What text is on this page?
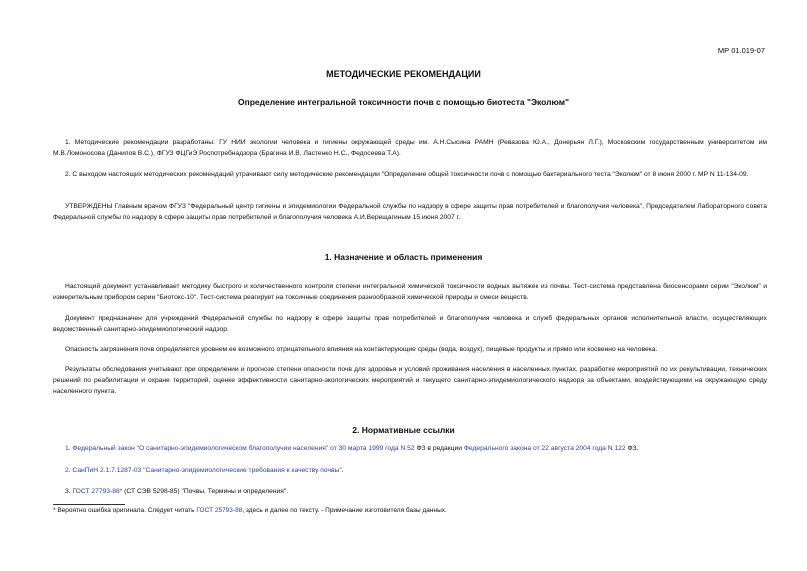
МР 01.019-07
МЕТОДИЧЕСКИЕ РЕКОМЕНДАЦИИ
Определение интегральной токсичности почв с помощью биотеста "Эколюм"
1. Методические рекомендации разработаны: ГУ НИИ экологии человека и гигиены окружающей среды им. А.Н.Сысина РАМН (Ревазова Ю.А., Донерьян Л.Г.), Московским государственным университетом им М.В.Ломоносова (Данилов В.С.), ФГУЗ ФЦГиЭ Роспотребнадзора (Брагина И.В, Ластенко Н.С., Федосеева Т.А).
2. С выходом настоящих методических рекомендаций утрачивают силу методические рекомендации "Определение общей токсичности почв с помощью бактериального теста "Эколюм" от 8 июня 2000 г. МР N 11-134-09.
УТВЕРЖДЕНЫ Главным врачом ФГУЗ "Федеральный центр гигиены и эпидемиологии Федеральной службы по надзору в сфере защиты прав потребителей и благополучия человека", Председателем Лабораторного совета Федеральной службы по надзору в сфере защиты прав потребителей и благополучия человека А.И.Верещагиным 15 июня 2007 г.
1. Назначение и область применения
Настоящий документ устанавливает методику быстрого и количественного контроля степени интегральной химической токсичности водных вытяжек из почвы. Тест-система представлена биосенсорами серии "Эколюм" и измерительным прибором серии "Биотокс-10". Тест-система реагирует на токсичные соединения разнообразной химической природы и смеси веществ.
Документ предназначен для учреждений Федеральной службы по надзору в сфере защиты прав потребителей и благополучия человека и служб федеральных органов исполнительной власти, осуществляющих ведомственный санитарно-эпидемиологический надзор.
Опасность загрязнения почв определяется уровнем ее возможного отрицательного влияния на контактирующие среды (вода, воздух), пищевые продукты и прямо или косвенно на человека.
Результаты обследования учитывают при определении и прогнозе степени опасности почв для здоровья и условий проживания населения в населенных пунктах, разработке мероприятий по их рекультивации, технических решений по реабилитации и охране территорий, оценке эффективности санитарно-экологических мероприятий и текущего санитарно-эпидемиологического надзора за объектами, воздействующими на окружающую среду населенного пункта.
2. Нормативные ссылки
1. Федеральный закон "О санитарно-эпидемиологическом благополучии населения" от 30 марта 1999 года N 52 ФЗ в редакции Федерального закона от 22 августа 2004 года N 122 ФЗ.
2. СанПиН 2.1.7.1287-03 "Санитарно-эпидемиологические требования к качеству почвы".
3. ГОСТ 27793-88* (СТ СЭВ 5298-85) "Почвы. Термины и определения".
* Вероятно ошибка оригинала. Следует читать ГОСТ 25793-88, здесь и далее по тексту. - Примечание изготовителя базы данных.
